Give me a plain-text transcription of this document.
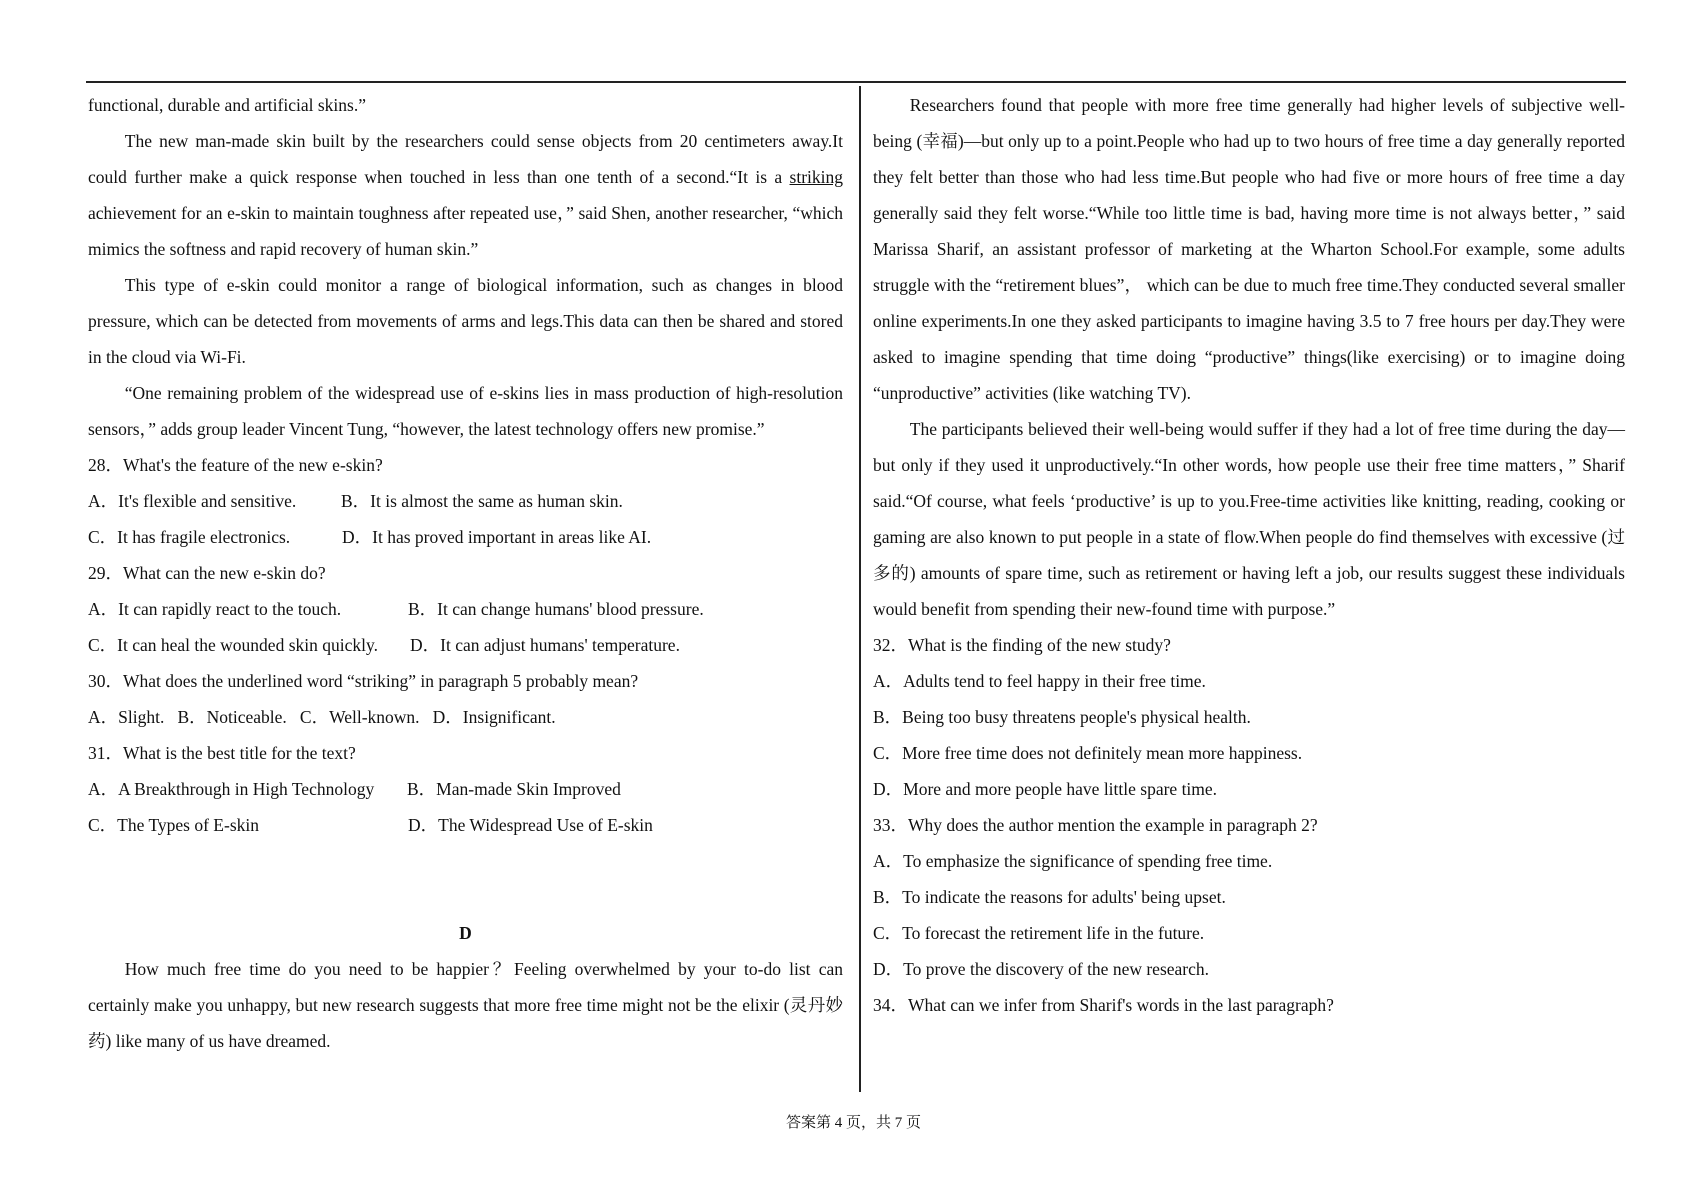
functional, durable and artificial skins.”

The new man-made skin built by the researchers could sense objects from 20 centimeters away.It could further make a quick response when touched in less than one tenth of a second.“It is a striking achievement for an e-skin to maintain toughness after repeated use，” said Shen, another researcher, “which mimics the softness and rapid recovery of human skin.”

This type of e-skin could monitor a range of biological information, such as changes in blood pressure, which can be detected from movements of arms and legs.This data can then be shared and stored in the cloud via Wi-Fi.

“One remaining problem of the widespread use of e-skins lies in mass production of high-resolution sensors，” adds group leader Vincent Tung, “however, the latest technology offers new promise.”

28．What's the feature of the new e-skin?

A．It's flexible and sensitive.	B．It is almost the same as human skin.
C．It has fragile electronics.	D．It has proved important in areas like AI.

29．What can the new e-skin do?

A．It can rapidly react to the touch.	B．It can change humans' blood pressure.
C．It can heal the wounded skin quickly.	D．It can adjust humans' temperature.

30．What does the underlined word “striking” in paragraph 5 probably mean?

A．Slight.   B．Noticeable.   C．Well-known.   D．Insignificant.

31．What is the best title for the text?

A．A Breakthrough in High Technology	B．Man-made Skin Improved
C．The Types of E-skin	D．The Widespread Use of E-skin

D

How much free time do you need to be happier？Feeling overwhelmed by your to-do list can certainly make you unhappy, but new research suggests that more free time might not be the elixir (灵丹妙药) like many of us have dreamed.

Researchers found that people with more free time generally had higher levels of subjective well-being (幸福)—but only up to a point.People who had up to two hours of free time a day generally reported they felt better than those who had less time.But people who had five or more hours of free time a day generally said they felt worse.“While too little time is bad, having more time is not always better，” said Marissa Sharif, an assistant professor of marketing at the Wharton School.For example, some adults struggle with the “retirement blues”， which can be due to much free time.They conducted several smaller online experiments.In one they asked participants to imagine having 3.5 to 7 free hours per day.They were asked to imagine spending that time doing “productive” things(like exercising) or to imagine doing “unproductive” activities (like watching TV).

The participants believed their well-being would suffer if they had a lot of free time during the day—but only if they used it unproductively.“In other words, how people use their free time matters，” Sharif said.“Of course, what feels ‘productive’ is up to you.Free-time activities like knitting, reading, cooking or gaming are also known to put people in a state of flow.When people do find themselves with excessive (过多的) amounts of spare time, such as retirement or having left a job, our results suggest these individuals would benefit from spending their new-found time with purpose.”

32．What is the finding of the new study?

A．Adults tend to feel happy in their free time.

B．Being too busy threatens people's physical health.

C．More free time does not definitely mean more happiness.

D．More and more people have little spare time.

33．Why does the author mention the example in paragraph 2?

A．To emphasize the significance of spending free time.

B．To indicate the reasons for adults' being upset.

C．To forecast the retirement life in the future.

D．To prove the discovery of the new research.

34．What can we infer from Sharif's words in the last paragraph?

答案第 4 页，共 7 页
